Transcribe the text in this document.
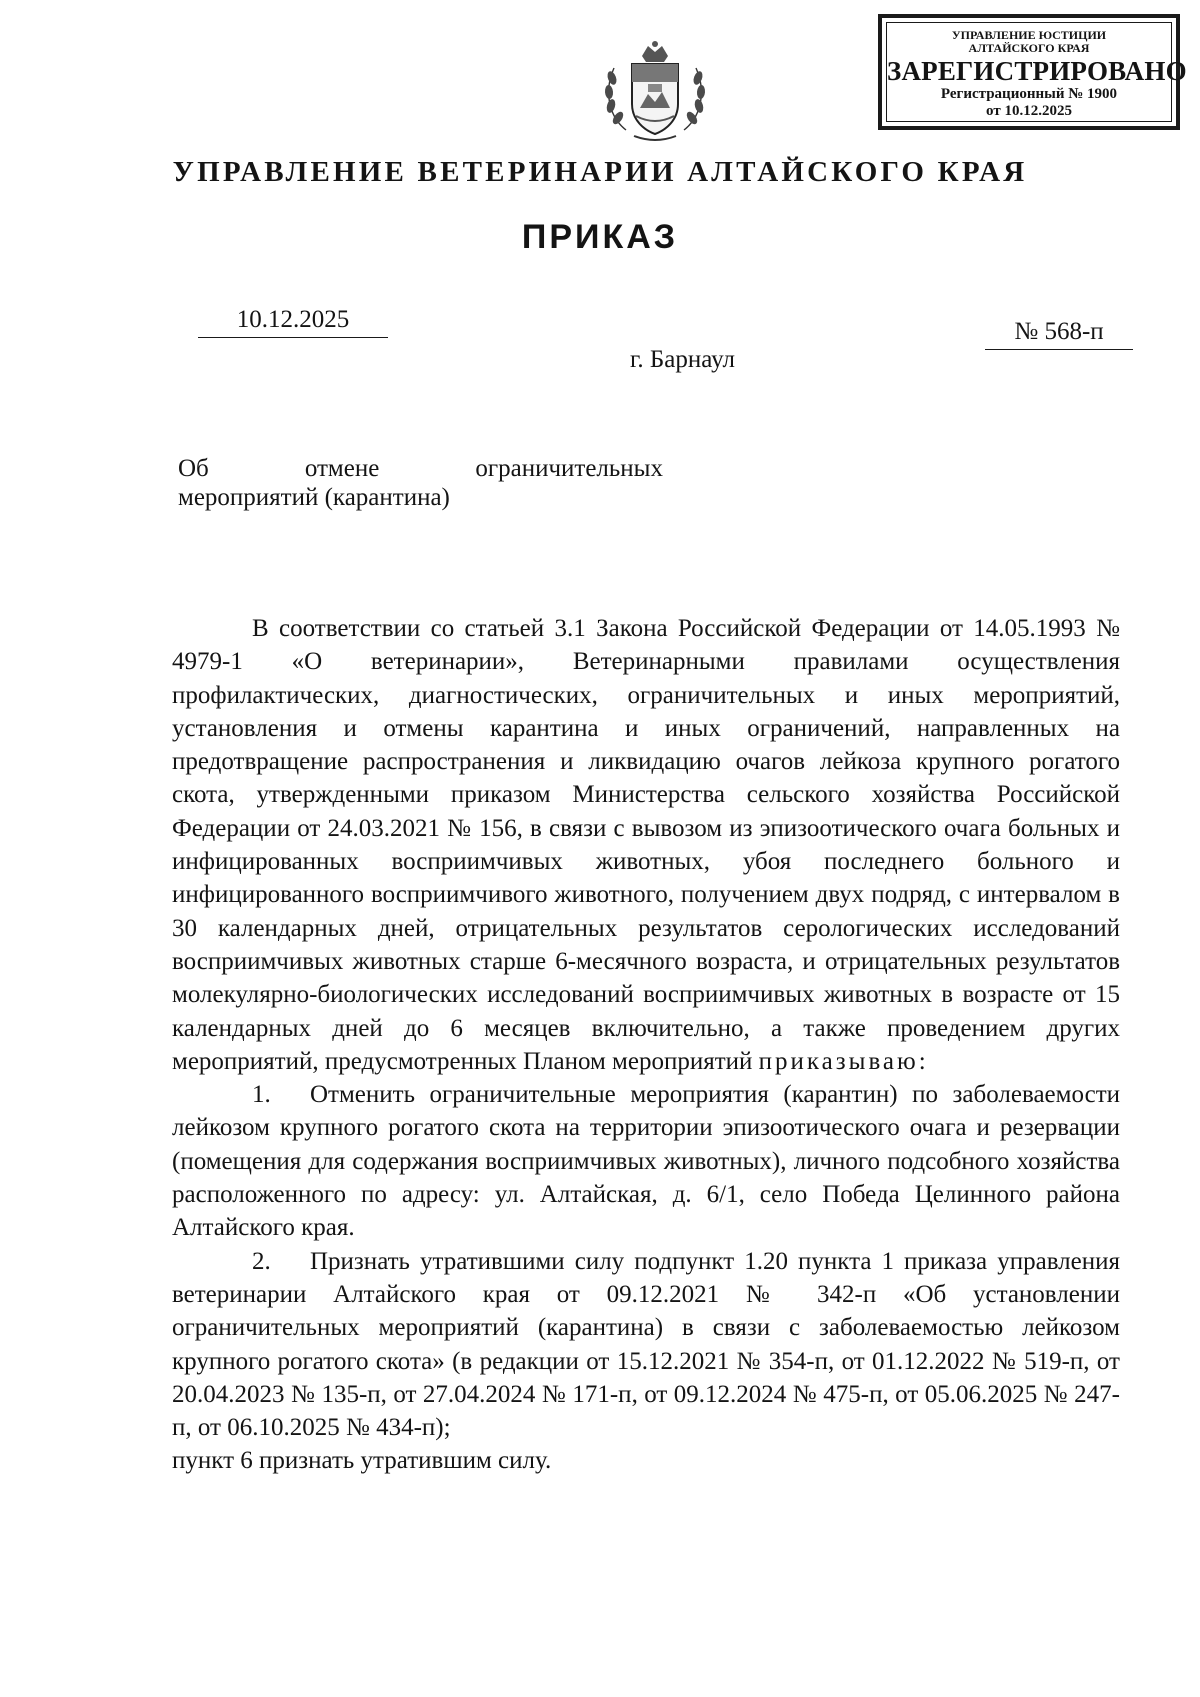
УПРАВЛЕНИЕ ЮСТИЦИИ
АЛТАЙСКОГО КРАЯ
ЗАРЕГИСТРИРОВАНО
Регистрационный № 1900
от 10.12.2025
УПРАВЛЕНИЕ ВЕТЕРИНАРИИ АЛТАЙСКОГО КРАЯ
ПРИКАЗ
10.12.2025	№ 568-п
г. Барнаул
Об	отмене	ограничительных
мероприятий (карантина)

В соответствии со статьей 3.1 Закона Российской Федерации от 14.05.1993 № 4979-1 «О ветеринарии», Ветеринарными правилами осуществления профилактических, диагностических, ограничительных и иных мероприятий, установления и отмены карантина и иных ограничений, направленных на предотвращение распространения и ликвидацию очагов лейкоза крупного рогатого скота, утвержденными приказом Министерства сельского хозяйства Российской Федерации от 24.03.2021 № 156, в связи с вывозом из эпизоотического очага больных и инфицированных восприимчивых животных, убоя последнего больного и инфицированного восприимчивого животного, получением двух подряд, с интервалом в 30 календарных дней, отрицательных результатов серологических исследований восприимчивых животных старше 6-месячного возраста, и отрицательных результатов молекулярно-биологических исследований восприимчивых животных в возрасте от 15 календарных дней до 6 месяцев включительно, а также проведением других мероприятий, предусмотренных Планом мероприятий приказываю:

1. Отменить ограничительные мероприятия (карантин) по заболеваемости лейкозом крупного рогатого скота на территории эпизоотического очага и резервации (помещения для содержания восприимчивых животных), личного подсобного хозяйства расположенного по адресу: ул. Алтайская, д. 6/1, село Победа Целинного района Алтайского края.

2. Признать утратившими силу подпункт 1.20 пункта 1 приказа управления ветеринарии Алтайского края от 09.12.2021 № 342-п «Об установлении ограничительных мероприятий (карантина) в связи с заболеваемостью лейкозом крупного рогатого скота» (в редакции от 15.12.2021 № 354-п, от 01.12.2022 № 519-п, от 20.04.2023 № 135-п, от 27.04.2024 № 171-п, от 09.12.2024 № 475-п, от 05.06.2025 № 247-п, от 06.10.2025 № 434-п);

пункт 6 признать утратившим силу.
